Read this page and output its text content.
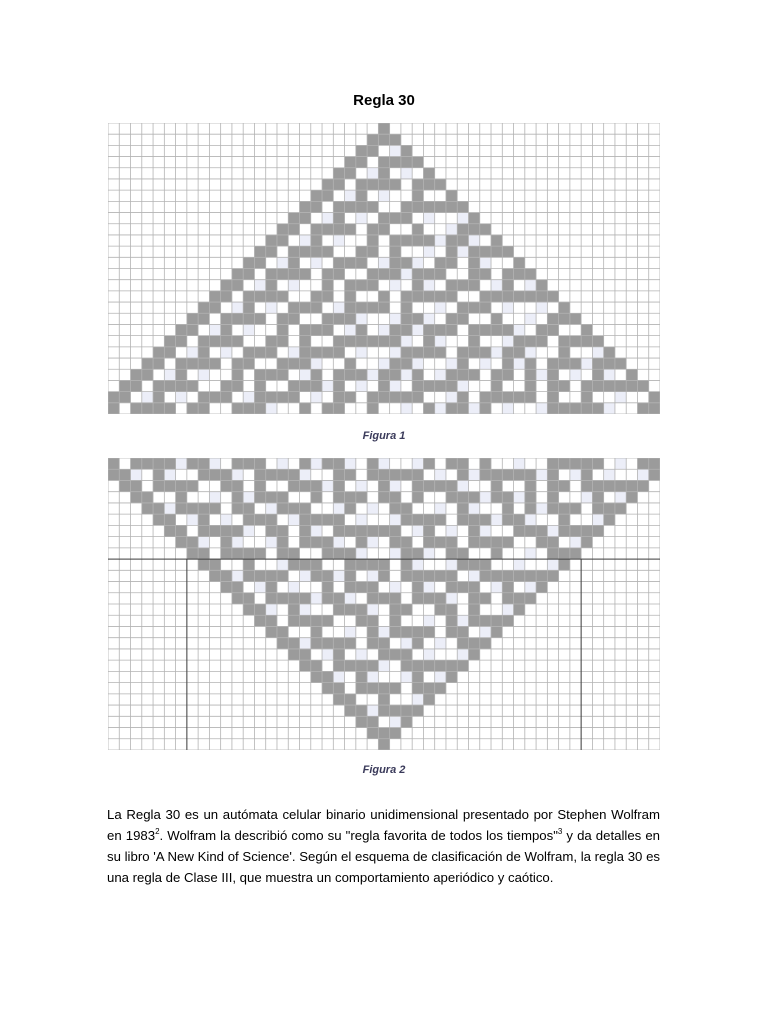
Regla 30
Figura 1
Figura 2

La Regla 30 es un autómata celular binario unidimensional presentado por Stephen Wolfram en 1983$^2$. Wolfram la describió como su "regla favorita de todos los tiempos"$^3$ y da detalles en su libro 'A New Kind of Science'. Según el esquema de clasificación de Wolfram, la regla 30 es una regla de Clase III, que muestra un comportamiento aperiódico y caótico.
